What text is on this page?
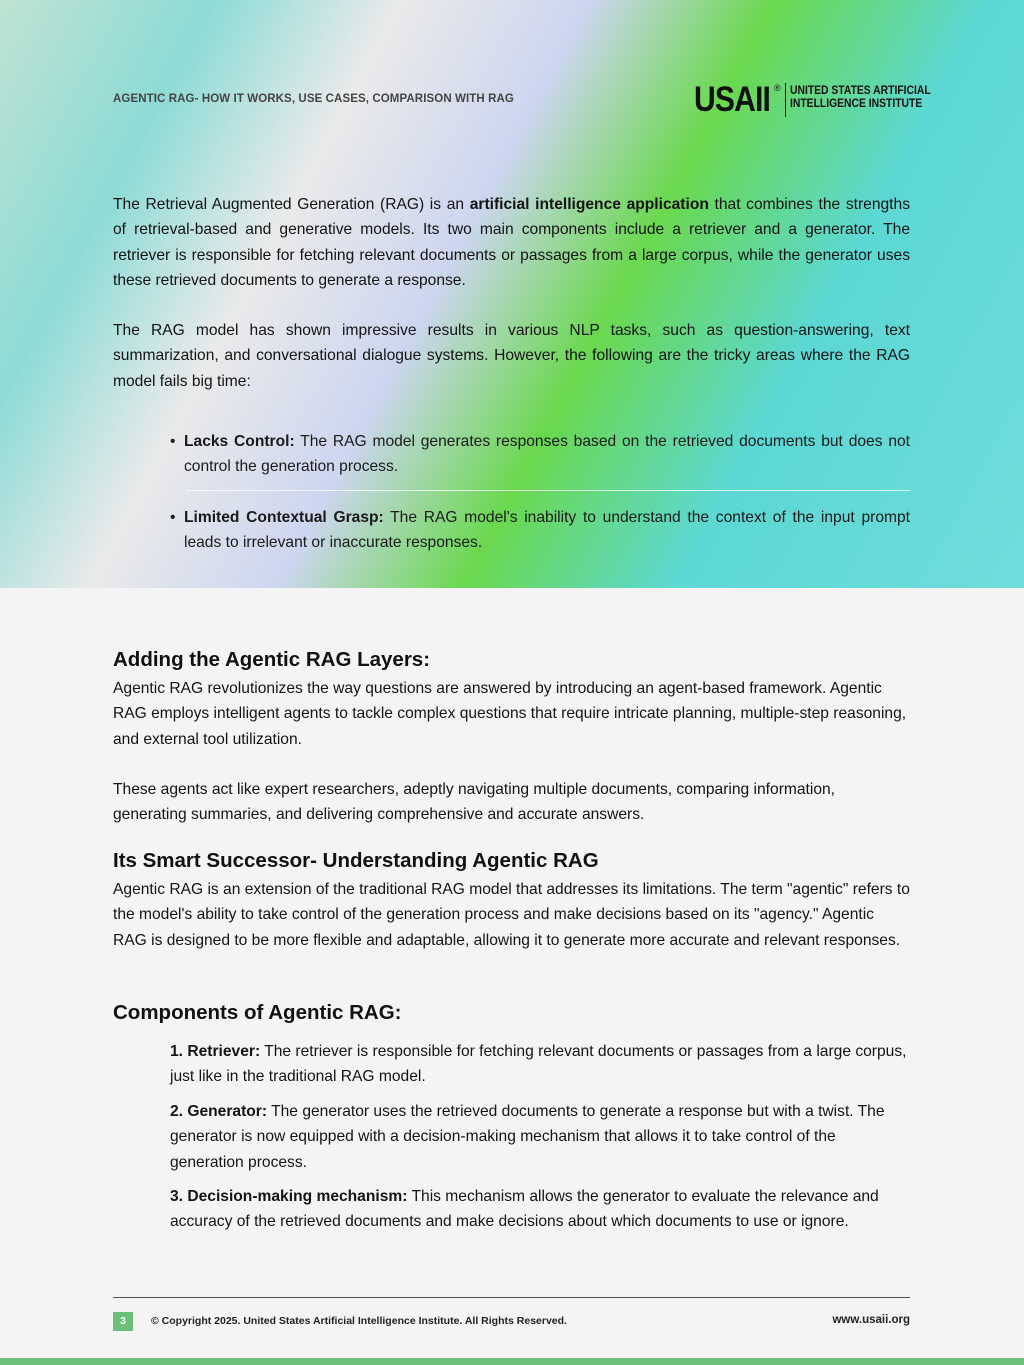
AGENTIC RAG- HOW IT WORKS, USE CASES, COMPARISON WITH RAG	USAII ® UNITED STATES ARTIFICIAL
INTELLIGENCE INSTITUTE

The Retrieval Augmented Generation (RAG) is an artificial intelligence application that combines the strengths of retrieval-based and generative models. Its two main components include a retriever and a generator. The retriever is responsible for fetching relevant documents or passages from a large corpus, while the generator uses these retrieved documents to generate a response.

The RAG model has shown impressive results in various NLP tasks, such as question-answering, text summarization, and conversational dialogue systems. However, the following are the tricky areas where the RAG model fails big time:

• Lacks Control: The RAG model generates responses based on the retrieved documents but does not control the generation process.

• Limited Contextual Grasp: The RAG model's inability to understand the context of the input prompt leads to irrelevant or inaccurate responses.

Adding the Agentic RAG Layers:

Agentic RAG revolutionizes the way questions are answered by introducing an agent-based framework. Agentic RAG employs intelligent agents to tackle complex questions that require intricate planning, multiple-step reasoning, and external tool utilization.

These agents act like expert researchers, adeptly navigating multiple documents, comparing information, generating summaries, and delivering comprehensive and accurate answers.

Its Smart Successor- Understanding Agentic RAG

Agentic RAG is an extension of the traditional RAG model that addresses its limitations. The term "agentic" refers to the model's ability to take control of the generation process and make decisions based on its "agency." Agentic RAG is designed to be more flexible and adaptable, allowing it to generate more accurate and relevant responses.

Components of Agentic RAG:

1. Retriever: The retriever is responsible for fetching relevant documents or passages from a large corpus, just like in the traditional RAG model.

2. Generator: The generator uses the retrieved documents to generate a response but with a twist. The generator is now equipped with a decision-making mechanism that allows it to take control of the generation process.

3. Decision-making mechanism: This mechanism allows the generator to evaluate the relevance and accuracy of the retrieved documents and make decisions about which documents to use or ignore.

3	© Copyright 2025. United States Artificial Intelligence Institute. All Rights Reserved.	www.usaii.org
